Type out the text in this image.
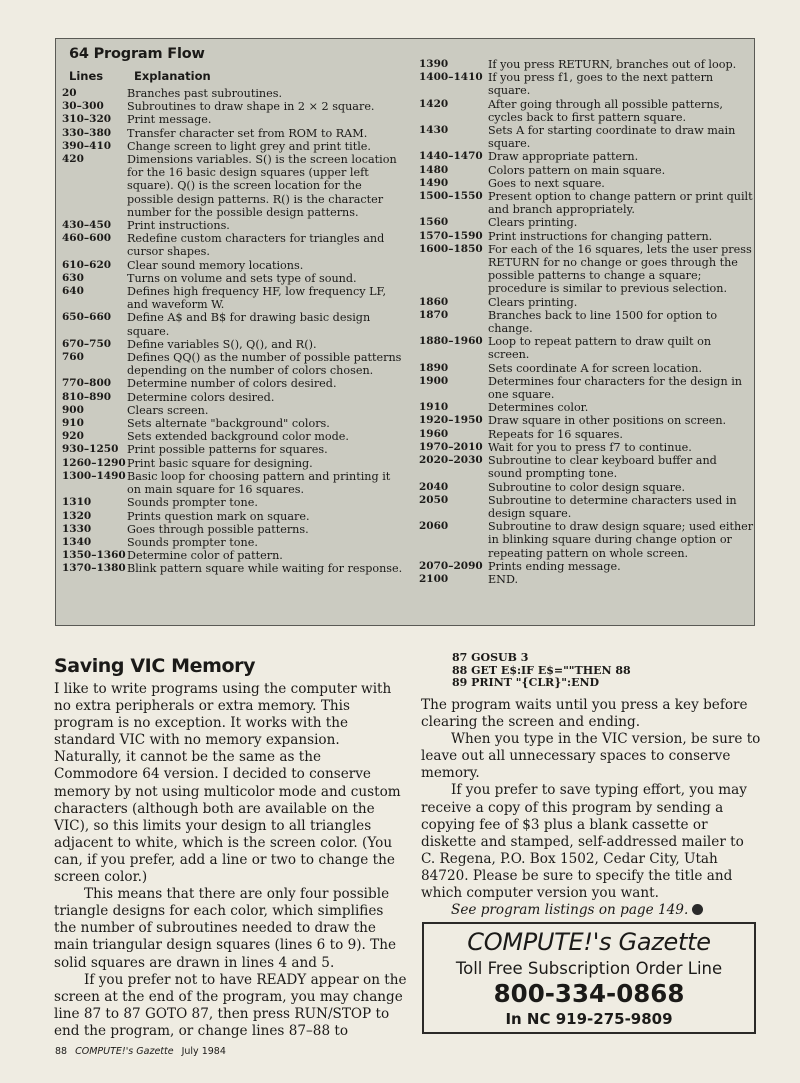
64 Program Flow
Lines	Explanation
20	Branches past subroutines.
30–300	Subroutines to draw shape in 2 × 2 square.
310–320	Print message.
330–380	Transfer character set from ROM to RAM.
390–410	Change screen to light grey and print title.
420	Dimensions variables. S() is the screen location for the 16 basic design squares (upper left square). Q() is the screen location for the possible design patterns. R() is the character number for the possible design patterns.
430–450	Print instructions.
460–600	Redefine custom characters for triangles and cursor shapes.
610–620	Clear sound memory locations.
630	Turns on volume and sets type of sound.
640	Defines high frequency HF, low frequency LF, and waveform W.
650–660	Define A$ and B$ for drawing basic design square.
670–750	Define variables S(), Q(), and R().
760	Defines QQ() as the number of possible patterns depending on the number of colors chosen.
770–800	Determine number of colors desired.
810–890	Determine colors desired.
900	Clears screen.
910	Sets alternate "background" colors.
920	Sets extended background color mode.
930–1250 Print possible patterns for squares.
1260–1290 Print basic square for designing.
1300–1490 Basic loop for choosing pattern and printing it on main square for 16 squares.
1310	Sounds prompter tone.
1320	Prints question mark on square.
1330	Goes through possible patterns.
1340	Sounds prompter tone.
1350–1360 Determine color of pattern.
1370–1380 Blink pattern square while waiting for response.
1390	If you press RETURN, branches out of loop.
1400–1410 If you press f1, goes to the next pattern square.
1420	After going through all possible patterns, cycles back to first pattern square.
1430	Sets A for starting coordinate to draw main square.
1440–1470 Draw appropriate pattern.
1480	Colors pattern on main square.
1490	Goes to next square.
1500–1550 Present option to change pattern or print quilt and branch appropriately.
1560	Clears printing.
1570–1590 Print instructions for changing pattern.
1600–1850 For each of the 16 squares, lets the user press RETURN for no change or goes through the possible patterns to change a square; procedure is similar to previous selection.
1860	Clears printing.
1870	Branches back to line 1500 for option to change.
1880–1960 Loop to repeat pattern to draw quilt on screen.
1890	Sets coordinate A for screen location.
1900	Determines four characters for the design in one square.
1910	Determines color.
1920–1950 Draw square in other positions on screen.
1960	Repeats for 16 squares.
1970–2010 Wait for you to press f7 to continue.
2020–2030 Subroutine to clear keyboard buffer and sound prompting tone.
2040	Subroutine to color design square.
2050	Subroutine to determine characters used in design square.
2060	Subroutine to draw design square; used either in blinking square during change option or repeating pattern on whole screen.
2070–2090 Prints ending message.
2100	END.
Saving VIC Memory

I like to write programs using the computer with no extra peripherals or extra memory. This program is no exception. It works with the standard VIC with no memory expansion. Naturally, it cannot be the same as the Commodore 64 version. I decided to conserve memory by not using multicolor mode and custom characters (although both are available on the VIC), so this limits your design to all triangles adjacent to white, which is the screen color. (You can, if you prefer, add a line or two to change the screen color.)

This means that there are only four possible triangle designs for each color, which simplifies the number of subroutines needed to draw the main triangular design squares (lines 6 to 9). The solid squares are drawn in lines 4 and 5.

If you prefer not to have READY appear on the screen at the end of the program, you may change line 87 to 87 GOTO 87, then press RUN/STOP to end the program, or change lines 87–88 to

87 GOSUB 3
88 GET E$:IF E$=""THEN 88
89 PRINT "{CLR}":END

The program waits until you press a key before clearing the screen and ending.

When you type in the VIC version, be sure to leave out all unnecessary spaces to conserve memory.

If you prefer to save typing effort, you may receive a copy of this program by sending a copying fee of $3 plus a blank cassette or diskette and stamped, self-addressed mailer to C. Regena, P.O. Box 1502, Cedar City, Utah 84720. Please be sure to specify the title and which computer version you want.

See program listings on page 149.

COMPUTE!'s Gazette
Toll Free Subscription Order Line
800-334-0868
In NC 919-275-9809
88 COMPUTE!'s Gazette July 1984
